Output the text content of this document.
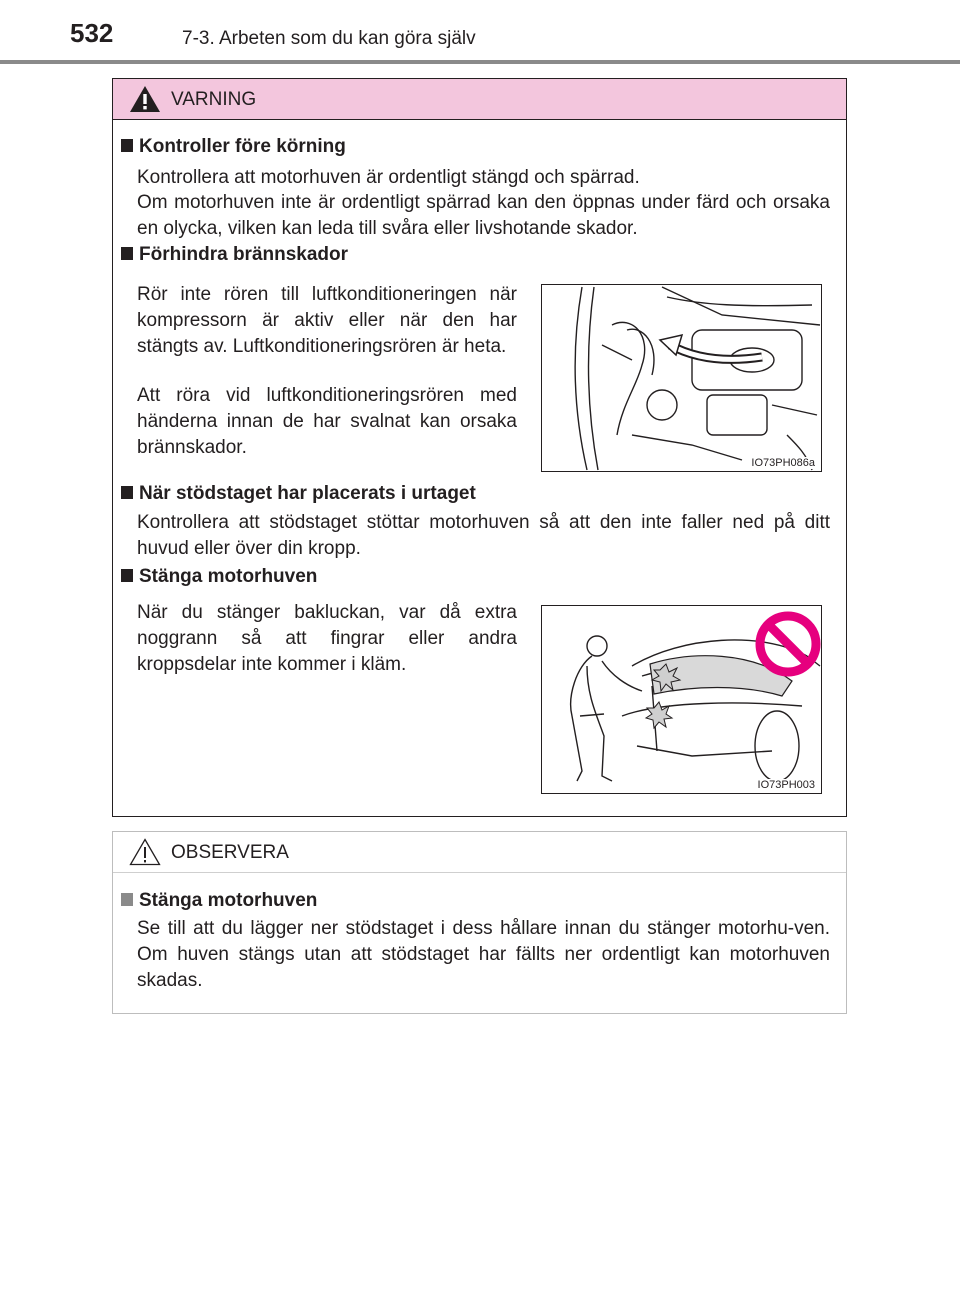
532	7-3. Arbeten som du kan göra själv
VARNING
Kontroller före körning
Kontrollera att motorhuven är ordentligt stängd och spärrad.
Om motorhuven inte är ordentligt spärrad kan den öppnas under färd och orsaka en olycka, vilken kan leda till svåra eller livshotande skador.
Förhindra brännskador
Rör inte rören till luftkonditioneringen när kompressorn är aktiv eller när den har stängts av. Luftkonditioneringsrören är heta.
Att röra vid luftkonditioneringsrören med händerna innan de har svalnat kan orsaka brännskador.
IO73PH086a
När stödstaget har placerats i urtaget
Kontrollera att stödstaget stöttar motorhuven så att den inte faller ned på ditt huvud eller över din kropp.
Stänga motorhuven
När du stänger bakluckan, var då extra noggrann så att fingrar eller andra kroppsdelar inte kommer i kläm.
IO73PH003
OBSERVERA
Stänga motorhuven
Se till att du lägger ner stödstaget i dess hållare innan du stänger motorhu-ven. Om huven stängs utan att stödstaget har fällts ner ordentligt kan motorhuven skadas.
